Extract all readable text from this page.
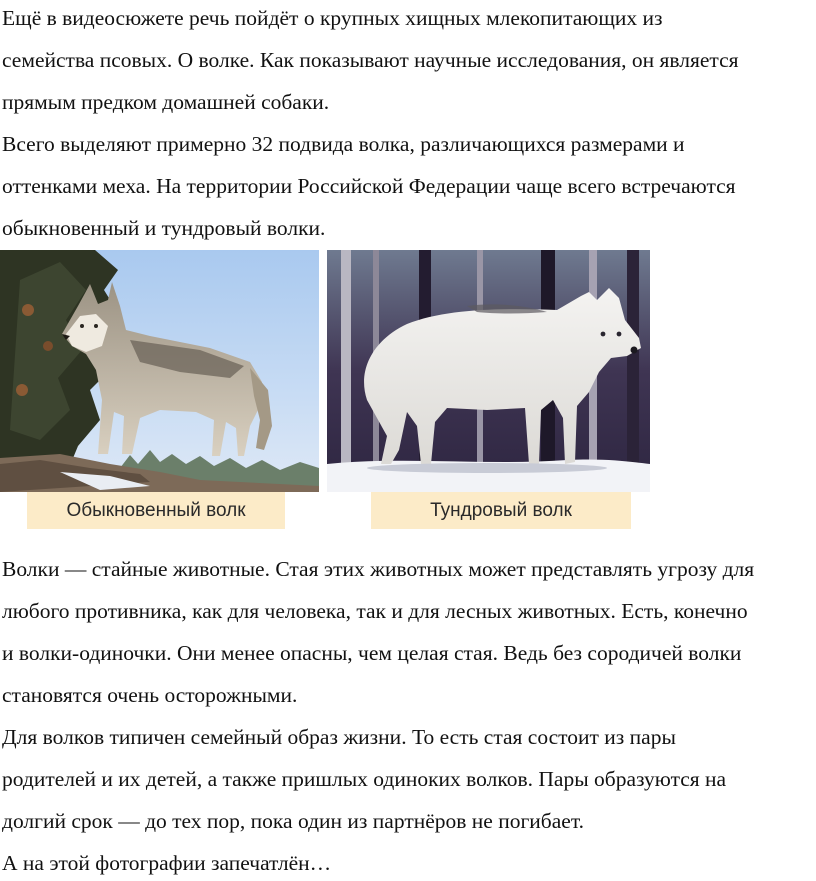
Ещё в видеосюжете речь пойдёт о крупных хищных млекопитающих из
семейства псовых. О волке. Как показывают научные исследования, он является
прямым предком домашней собаки.
Всего выделяют примерно 32 подвида волка, различающихся размерами и
оттенками меха. На территории Российской Федерации чаще всего встречаются
обыкновенный и тундровый волки.
Обыкновенный волк	Тундровый волк
Волки — стайные животные. Стая этих животных может представлять угрозу для
любого противника, как для человека, так и для лесных животных. Есть, конечно
и волки-одиночки. Они менее опасны, чем целая стая. Ведь без сородичей волки
становятся очень осторожными.
Для волков типичен семейный образ жизни. То есть стая состоит из пары
родителей и их детей, а также пришлых одиноких волков. Пары образуются на
долгий срок — до тех пор, пока один из партнёров не погибает.
А на этой фотографии запечатлён…
